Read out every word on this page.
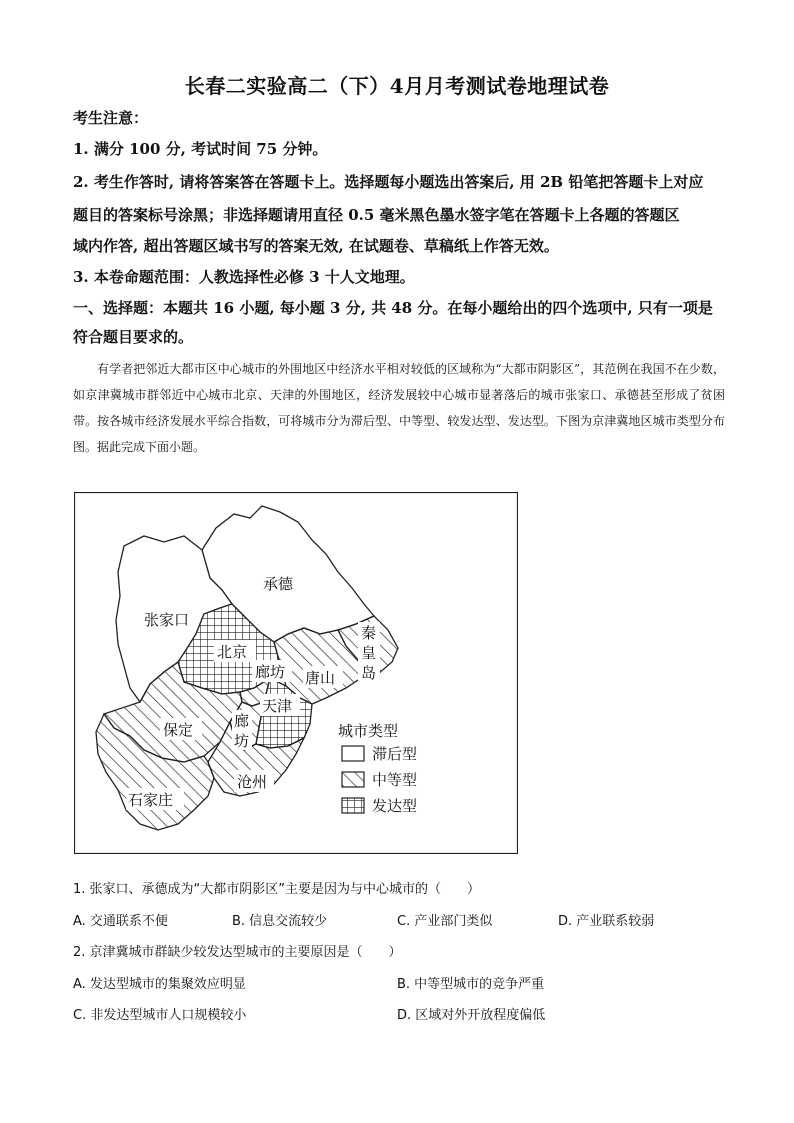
长春二实验高二（下）4月月考测试卷地理试卷
考生注意：
1. 满分 100 分, 考试时间 75 分钟。
2. 考生作答时, 请将答案答在答题卡上。选择题每小题选出答案后, 用 2B 铅笔把答题卡上对应
题目的答案标号涂黑；非选择题请用直径 0.5 毫米黑色墨水签字笔在答题卡上各题的答题区
域内作答, 超出答题区域书写的答案无效, 在试题卷、草稿纸上作答无效。
3. 本卷命题范围：人教选择性必修 3 十人文地理。
一、选择题：本题共 16 小题, 每小题 3 分, 共 48 分。在每小题给出的四个选项中, 只有一项是
符合题目要求的。

有学者把邻近大都市区中心城市的外围地区中经济水平相对较低的区域称为“大都市阴影区”，其范例在我国不在少数，如京津冀城市群邻近中心城市北京、天津的外围地区，经济发展较中心城市显著落后的城市张家口、承德甚至形成了贫困带。按各城市经济发展水平综合指数，可将城市分为滞后型、中等型、较发达型、发达型。下图为京津冀地区城市类型分布图。据此完成下面小题。

承德
张家口
北京
廊坊 唐山
秦
皇
岛
天津
保定	廊
坊
沧州
石家庄
城市类型
滞后型
中等型
发达型
1. 张家口、承德成为“大都市阴影区”主要是因为与中心城市的（　　）
A. 交通联系不便	B. 信息交流较少	C. 产业部门类似	D. 产业联系较弱
2. 京津冀城市群缺少较发达型城市的主要原因是（　　）
A. 发达型城市的集聚效应明显	B. 中等型城市的竞争严重
C. 非发达型城市人口规模较小	D. 区域对外开放程度偏低
